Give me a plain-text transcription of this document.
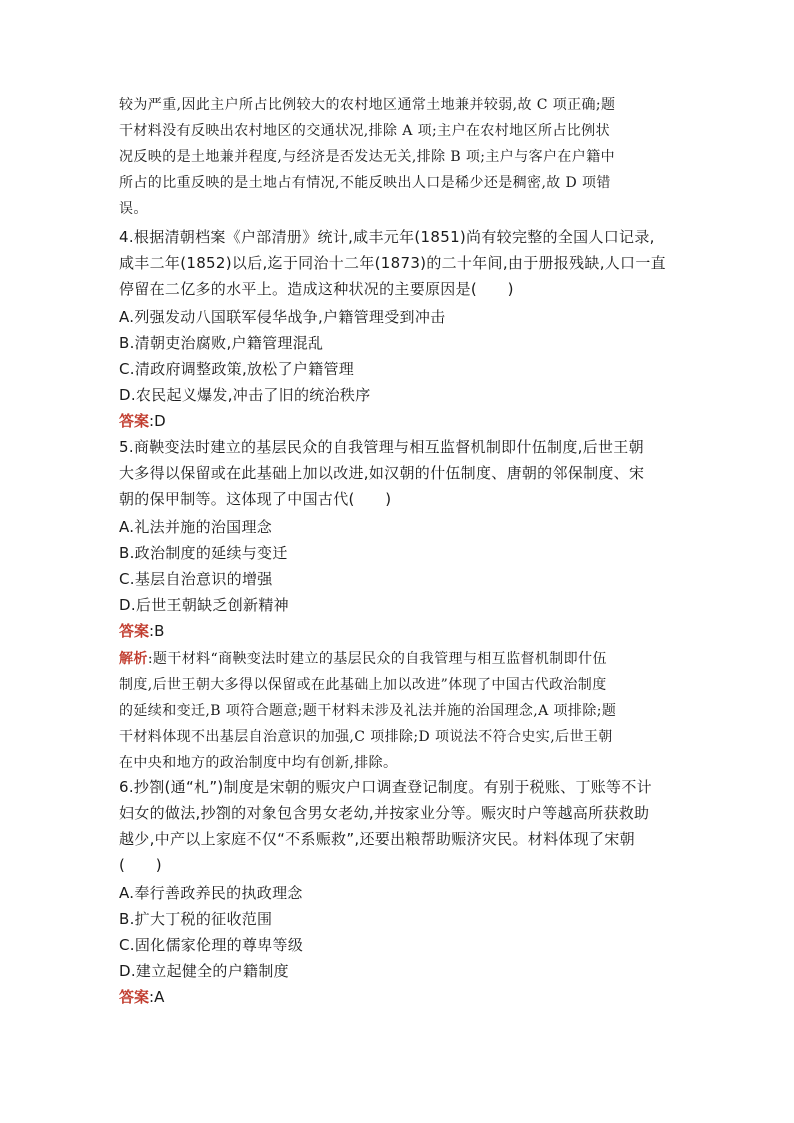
较为严重,因此主户所占比例较大的农村地区通常土地兼并较弱,故 C 项正确;题
干材料没有反映出农村地区的交通状况,排除 A 项;主户在农村地区所占比例状
况反映的是土地兼并程度,与经济是否发达无关,排除 B 项;主户与客户在户籍中
所占的比重反映的是土地占有情况,不能反映出人口是稀少还是稠密,故 D 项错
误。
4.根据清朝档案《户部清册》统计,咸丰元年(1851)尚有较完整的全国人口记录,
咸丰二年(1852)以后,迄于同治十二年(1873)的二十年间,由于册报残缺,人口一直
停留在二亿多的水平上。造成这种状况的主要原因是(　　)
A.列强发动八国联军侵华战争,户籍管理受到冲击
B.清朝吏治腐败,户籍管理混乱
C.清政府调整政策,放松了户籍管理
D.农民起义爆发,冲击了旧的统治秩序
答案:D
5.商鞅变法时建立的基层民众的自我管理与相互监督机制即什伍制度,后世王朝
大多得以保留或在此基础上加以改进,如汉朝的什伍制度、唐朝的邻保制度、宋
朝的保甲制等。这体现了中国古代(　　)
A.礼法并施的治国理念
B.政治制度的延续与变迁
C.基层自治意识的增强
D.后世王朝缺乏创新精神
答案:B
解析:题干材料“商鞅变法时建立的基层民众的自我管理与相互监督机制即什伍
制度,后世王朝大多得以保留或在此基础上加以改进”体现了中国古代政治制度
的延续和变迁,B 项符合题意;题干材料未涉及礼法并施的治国理念,A 项排除;题
干材料体现不出基层自治意识的加强,C 项排除;D 项说法不符合史实,后世王朝
在中央和地方的政治制度中均有创新,排除。
6.抄劄(通“札”)制度是宋朝的赈灾户口调查登记制度。有别于税账、丁账等不计
妇女的做法,抄劄的对象包含男女老幼,并按家业分等。赈灾时户等越高所获救助
越少,中产以上家庭不仅“不系赈救”,还要出粮帮助赈济灾民。材料体现了宋朝
(　　)
A.奉行善政养民的执政理念
B.扩大丁税的征收范围
C.固化儒家伦理的尊卑等级
D.建立起健全的户籍制度
答案:A
